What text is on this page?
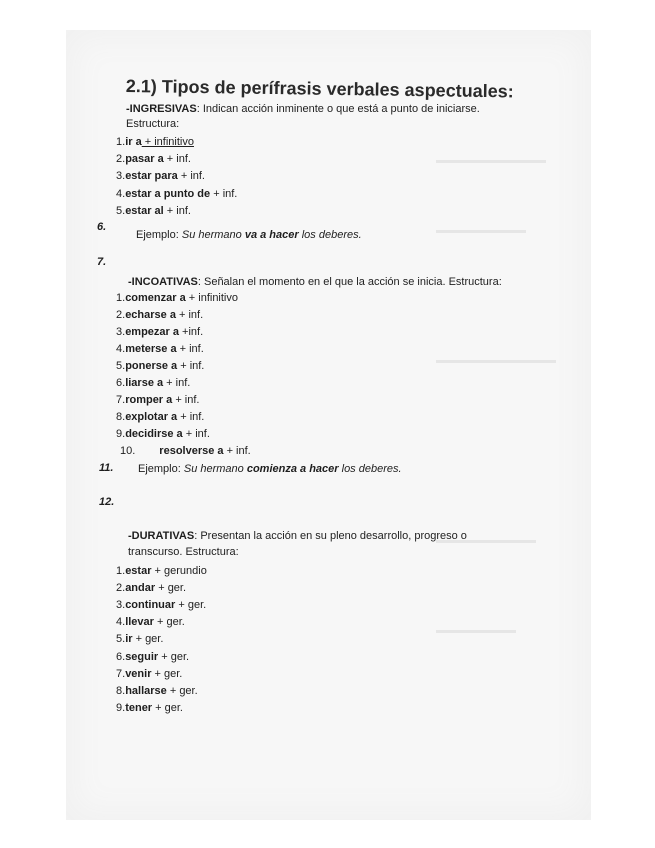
2.1) Tipos de perífrasis verbales aspectuales:
-INGRESIVAS: Indican acción inminente o que está a punto de iniciarse.
Estructura:
1.ir a + infinitivo
2.pasar a + inf.
3.estar para + inf.
4.estar a punto de + inf.
5.estar al + inf.
6.
Ejemplo: Su hermano va a hacer los deberes.
7.
-INCOATIVAS: Señalan el momento en el que la acción se inicia. Estructura:
1.comenzar a + infinitivo
2.echarse a + inf.
3.empezar a +inf.
4.meterse a + inf.
5.ponerse a + inf.
6.liarse a + inf.
7.romper a + inf.
8.explotar a + inf.
9.decidirse a + inf.
10. resolverse a + inf.
11. Ejemplo: Su hermano comienza a hacer los deberes.
12.
-DURATIVAS: Presentan la acción en su pleno desarrollo, progreso o
transcurso. Estructura:
1.estar + gerundio
2.andar + ger.
3.continuar + ger.
4.llevar + ger.
5.ir + ger.
6.seguir + ger.
7.venir + ger.
8.hallarse + ger.
9.tener + ger.
